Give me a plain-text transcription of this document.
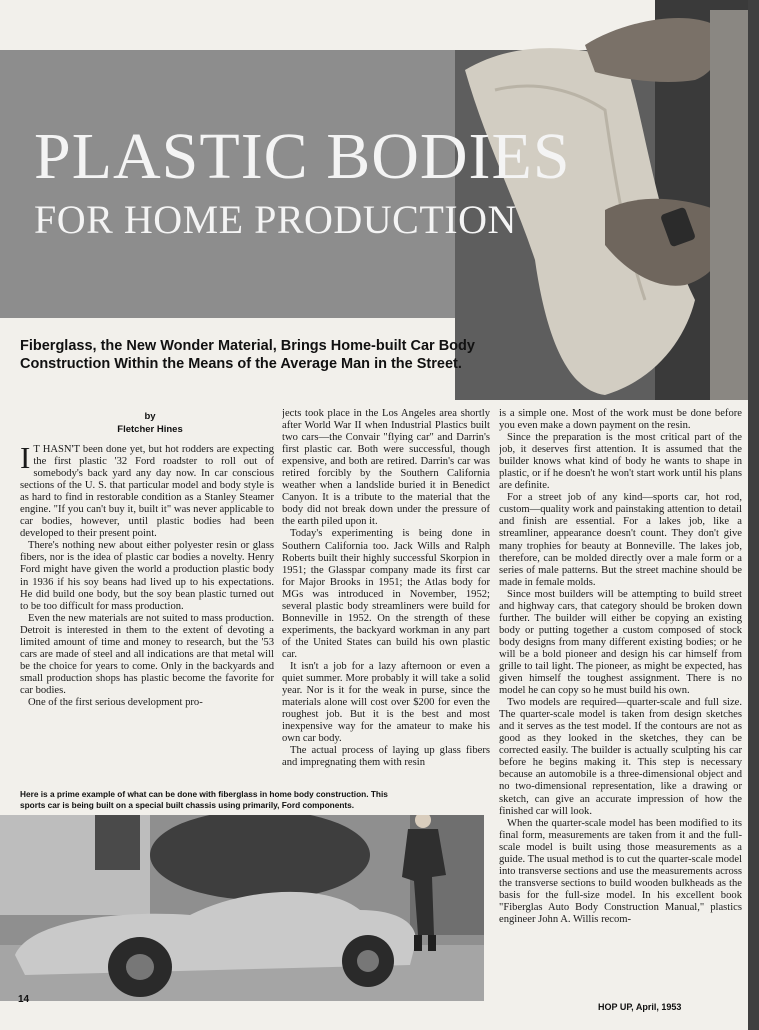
PLASTIC BODIES
FOR HOME PRODUCTION
Fiberglass, the New Wonder Material, Brings Home-built Car Body Construction Within the Means of the Average Man in the Street.
by
Fletcher Hines

I T HASN'T been done yet, but hot rodders are expecting the first plastic '32 Ford roadster to roll out of somebody's back yard any day now. In car conscious sections of the U. S. that particular model and body style is as hard to find in restorable condition as a Stanley Steamer engine. "If you can't buy it, built it" was never applicable to car bodies, however, until plastic bodies had been developed to their present point.

There's nothing new about either polyester resin or glass fibers, nor is the idea of plastic car bodies a novelty. Henry Ford might have given the world a production plastic body in 1936 if his soy beans had lived up to his expectations. He did build one body, but the soy bean plastic turned out to be too difficult for mass production.

Even the new materials are not suited to mass production. Detroit is interested in them to the extent of devoting a limited amount of time and money to research, but the '53 cars are made of steel and all indications are that metal will be the choice for years to come. Only in the backyards and small production shops has plastic become the favorite for car bodies.

One of the first serious development pro-

jects took place in the Los Angeles area shortly after World War II when Industrial Plastics built two cars—the Convair "flying car" and Darrin's first plastic car. Both were successful, though expensive, and both are retired. Darrin's car was retired forcibly by the Southern California weather when a landslide buried it in Benedict Canyon. It is a tribute to the material that the body did not break down under the pressure of the earth piled upon it.

Today's experimenting is being done in Southern California too. Jack Wills and Ralph Roberts built their highly successful Skorpion in 1951; the Glasspar company made its first car for Major Brooks in 1951; the Atlas body for MGs was introduced in November, 1952; several plastic body streamliners were build for Bonneville in 1952. On the strength of these experiments, the backyard workman in any part of the United States can build his own plastic car.

It isn't a job for a lazy afternoon or even a quiet summer. More probably it will take a solid year. Nor is it for the weak in purse, since the materials alone will cost over $200 for even the roughest job. But it is the best and most inexpensive way for the amateur to make his own car body.

The actual process of laying up glass fibers and impregnating them with resin

is a simple one. Most of the work must be done before you even make a down payment on the resin.

Since the preparation is the most critical part of the job, it deserves first attention. It is assumed that the builder knows what kind of body he wants to shape in plastic, or if he doesn't he won't start work until his plans are definite.

For a street job of any kind—sports car, hot rod, custom—quality work and painstaking attention to detail and finish are essential. For a lakes job, like a streamliner, appearance doesn't count. They don't give many trophies for beauty at Bonneville. The lakes job, therefore, can be molded directly over a male form or a series of male patterns. But the street machine should be made in female molds.

Since most builders will be attempting to build street and highway cars, that category should be broken down further. The builder will either be copying an existing body or putting together a custom composed of stock body designs from many different existing bodies; or he will be a bold pioneer and design his car himself from grille to tail light. The pioneer, as might be expected, has given himself the toughest assignment. There is no model he can copy so he must build his own.

Two models are required—quarter-scale and full size. The quarter-scale model is taken from design sketches and it serves as the test model. If the contours are not as good as they looked in the sketches, they can be corrected easily. The builder is actually sculpting his car before he begins making it. This step is necessary because an automobile is a three-dimensional object and no two-dimensional representation, like a drawing or sketch, can give an accurate impression of how the finished car will look.

When the quarter-scale model has been modified to its final form, measurements are taken from it and the full-scale model is built using those measurements as a guide. The usual method is to cut the quarter-scale model into transverse sections and use the measurements across the transverse sections to build wooden bulkheads as the basis for the full-size model. In his excellent book "Fiberglas Auto Body Construction Manual," plastics engineer John A. Willis recom-

Here is a prime example of what can be done with fiberglass in home body construction. This
sports car is being built on a special built chassis using primarily, Ford components.
14
HOP UP, April, 1953
